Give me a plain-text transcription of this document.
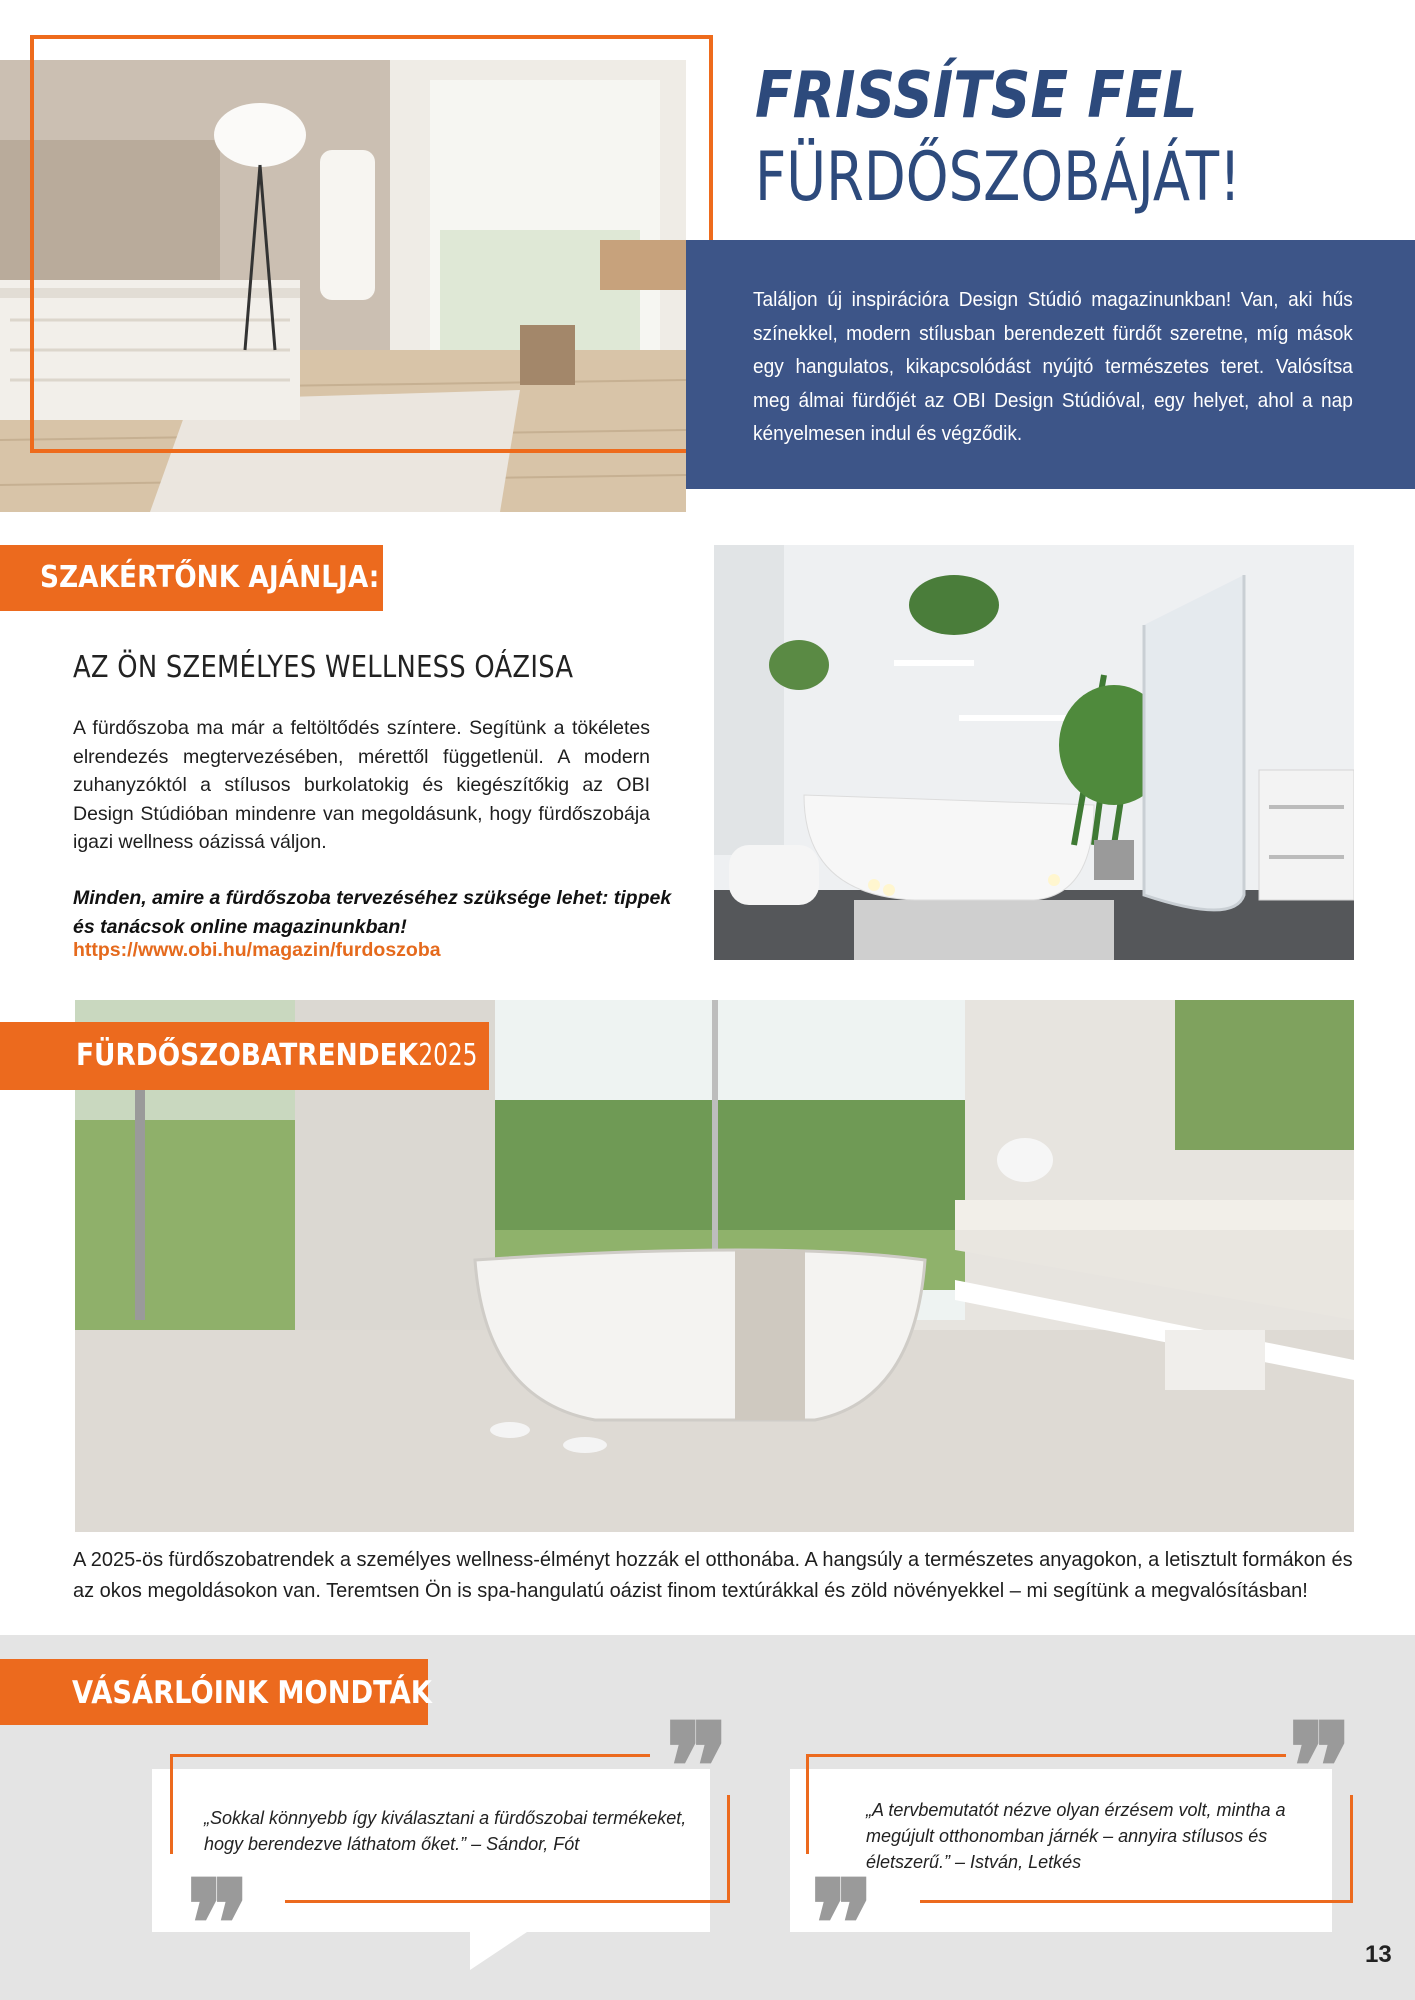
FRISSÍTSE FEL
FÜRDŐSZOBÁJÁT!
Találjon új inspirációra Design Stúdió magazinunkban! Van, aki hűs színekkel, modern stílusban berendezett fürdőt szeretne, míg mások egy hangulatos, kikapcsolódást nyújtó természetes teret. Valósítsa meg álmai fürdőjét az OBI Design Stúdióval, egy helyet, ahol a nap kényelmesen indul és végződik.
SZAKÉRTŐNK AJÁNLJA:
AZ ÖN SZEMÉLYES WELLNESS OÁZISA
A fürdőszoba ma már a feltöltődés színtere. Segítünk a tökéletes elrendezés megtervezésében, mérettől függetlenül. A modern zuhanyzóktól a stílusos burkolatokig és kiegészítőkig az OBI Design Stúdióban mindenre van megoldásunk, hogy fürdőszobája igazi wellness oázissá váljon.
Minden, amire a fürdőszoba tervezéséhez szüksége lehet: tippek és tanácsok online magazinunkban!
https://www.obi.hu/magazin/furdoszoba
FÜRDŐSZOBATRENDEK2025
A 2025-ös fürdőszobatrendek a személyes wellness-élményt hozzák el otthonába. A hangsúly a természetes anyagokon, a letisztult formákon és az okos megoldásokon van. Teremtsen Ön is spa-hangulatú oázist finom textúrákkal és zöld növényekkel – mi segítünk a megvalósításban!
VÁSÁRLÓINK MONDTÁK
❞
❞
„Sokkal könnyebb így kiválasztani a fürdőszobai termékeket, hogy berendezve láthatom őket.” – Sándor, Fót
❞
❞
„A tervbemutatót nézve olyan érzésem volt, mintha a megújult otthonomban járnék – annyira stílusos és életszerű.” – István, Letkés
13
